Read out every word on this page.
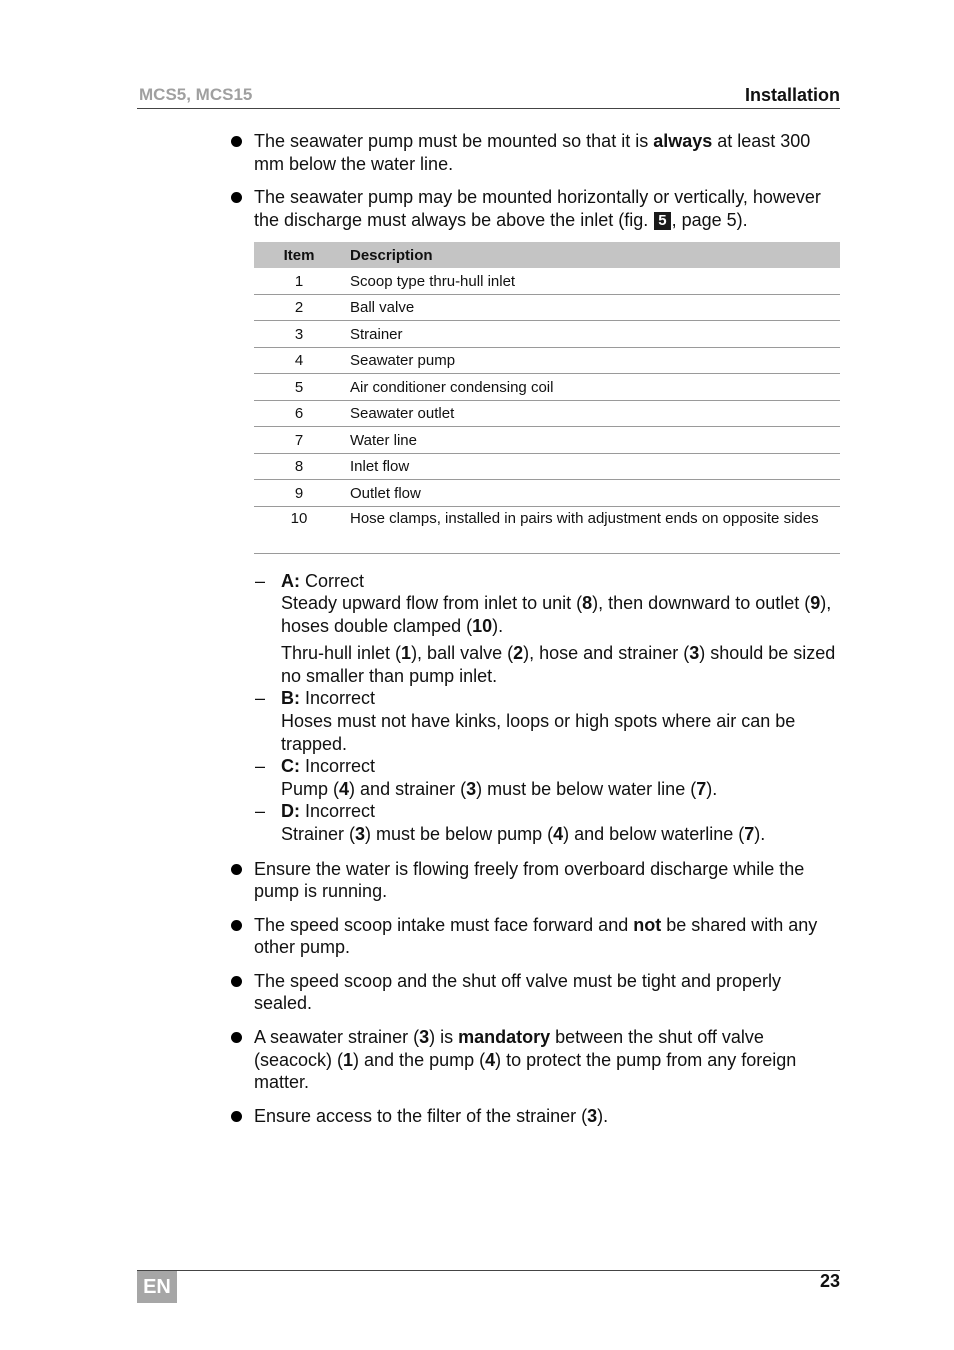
MCS5, MCS15	Installation
The seawater pump must be mounted so that it is always at least 300 mm below the water line.
The seawater pump may be mounted horizontally or vertically, however the discharge must always be above the inlet (fig. 5 , page 5).
Item	Description
1	Scoop type thru-hull inlet
2	Ball valve
3	Strainer
4	Seawater pump
5	Air conditioner condensing coil
6	Seawater outlet
7	Water line
8	Inlet flow
9	Outlet flow
10	Hose clamps, installed in pairs with adjustment ends on opposite sides
– A: Correct
Steady upward flow from inlet to unit (8), then downward to outlet (9), hoses double clamped (10).
Thru-hull inlet (1), ball valve (2), hose and strainer (3) should be sized no smaller than pump inlet.
– B: Incorrect
Hoses must not have kinks, loops or high spots where air can be trapped.
– C: Incorrect
Pump (4) and strainer (3) must be below water line (7).
– D: Incorrect
Strainer (3) must be below pump (4) and below waterline (7).
Ensure the water is flowing freely from overboard discharge while the pump is running.
The speed scoop intake must face forward and not be shared with any other pump.
The speed scoop and the shut off valve must be tight and properly sealed.
A seawater strainer (3) is mandatory between the shut off valve (seacock) (1) and the pump (4) to protect the pump from any foreign matter.
Ensure access to the filter of the strainer (3).
EN	23
